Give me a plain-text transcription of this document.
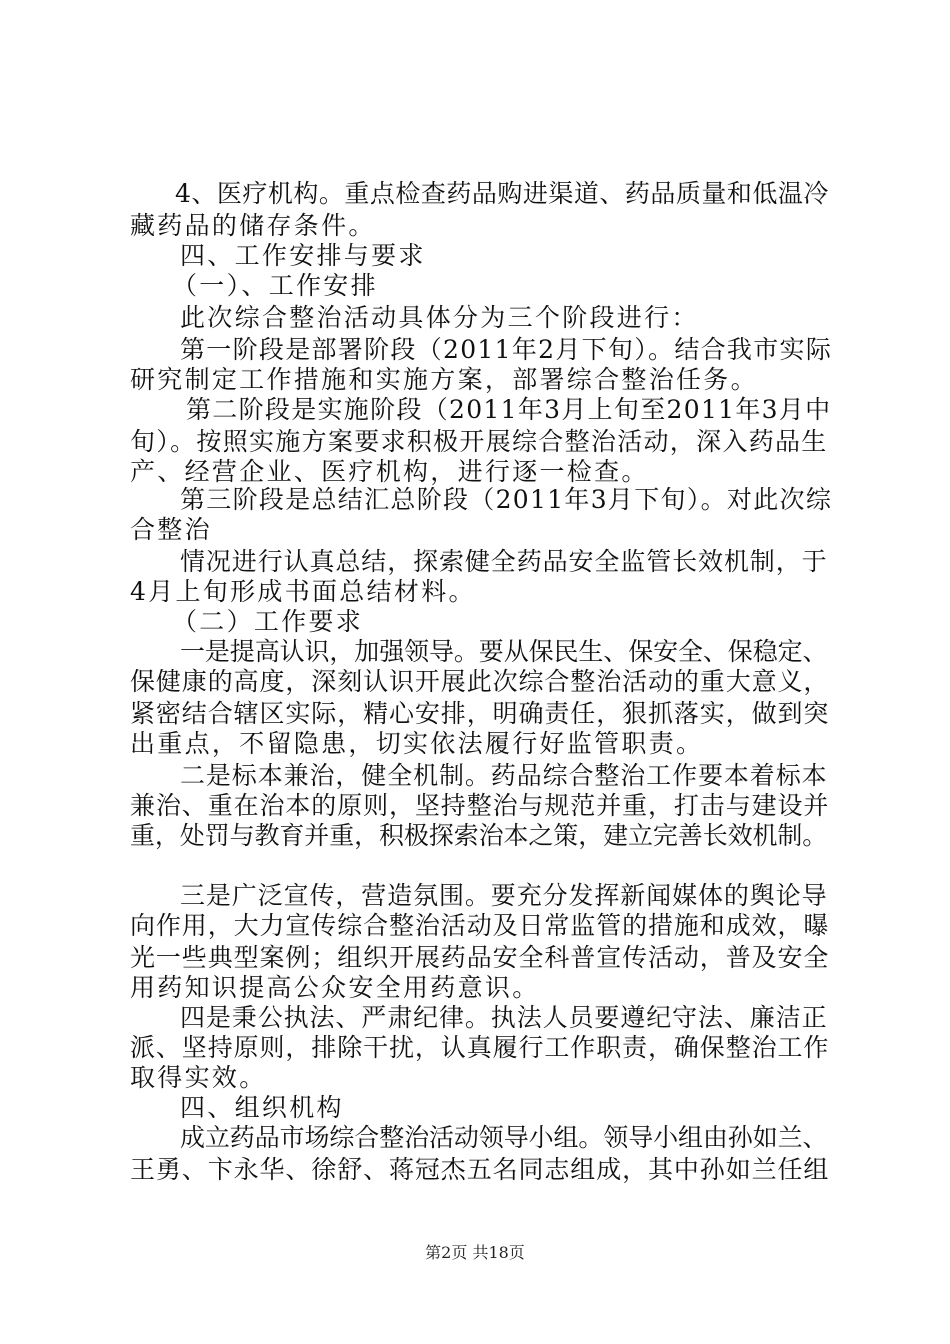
4、医疗机构。重点检查药品购进渠道、药品质量和低温冷
藏药品的储存条件。
四、工作安排与要求
（一）、工作安排
此次综合整治活动具体分为三个阶段进行：
第一阶段是部署阶段（2011年2月下旬）。结合我市实际
研究制定工作措施和实施方案，部署综合整治任务。
第二阶段是实施阶段（2011年3月上旬至2011年3月中
旬）。按照实施方案要求积极开展综合整治活动，深入药品生
产、经营企业、医疗机构，进行逐一检查。
第三阶段是总结汇总阶段（2011年3月下旬）。对此次综
合整治
情况进行认真总结，探索健全药品安全监管长效机制，于
4月上旬形成书面总结材料。
（二）工作要求
一是提高认识，加强领导。要从保民生、保安全、保稳定、
保健康的高度，深刻认识开展此次综合整治活动的重大意义，
紧密结合辖区实际，精心安排，明确责任，狠抓落实，做到突
出重点，不留隐患，切实依法履行好监管职责。
二是标本兼治，健全机制。药品综合整治工作要本着标本
兼治、重在治本的原则，坚持整治与规范并重，打击与建设并
重，处罚与教育并重，积极探索治本之策，建立完善长效机制。
三是广泛宣传，营造氛围。要充分发挥新闻媒体的舆论导
向作用，大力宣传综合整治活动及日常监管的措施和成效，曝
光一些典型案例；组织开展药品安全科普宣传活动，普及安全
用药知识提高公众安全用药意识。
四是秉公执法、严肃纪律。执法人员要遵纪守法、廉洁正
派、坚持原则，排除干扰，认真履行工作职责，确保整治工作
取得实效。
四、组织机构
成立药品市场综合整治活动领导小组。领导小组由孙如兰、
王勇、卞永华、徐舒、蒋冠杰五名同志组成，其中孙如兰任组
第2页 共18页
